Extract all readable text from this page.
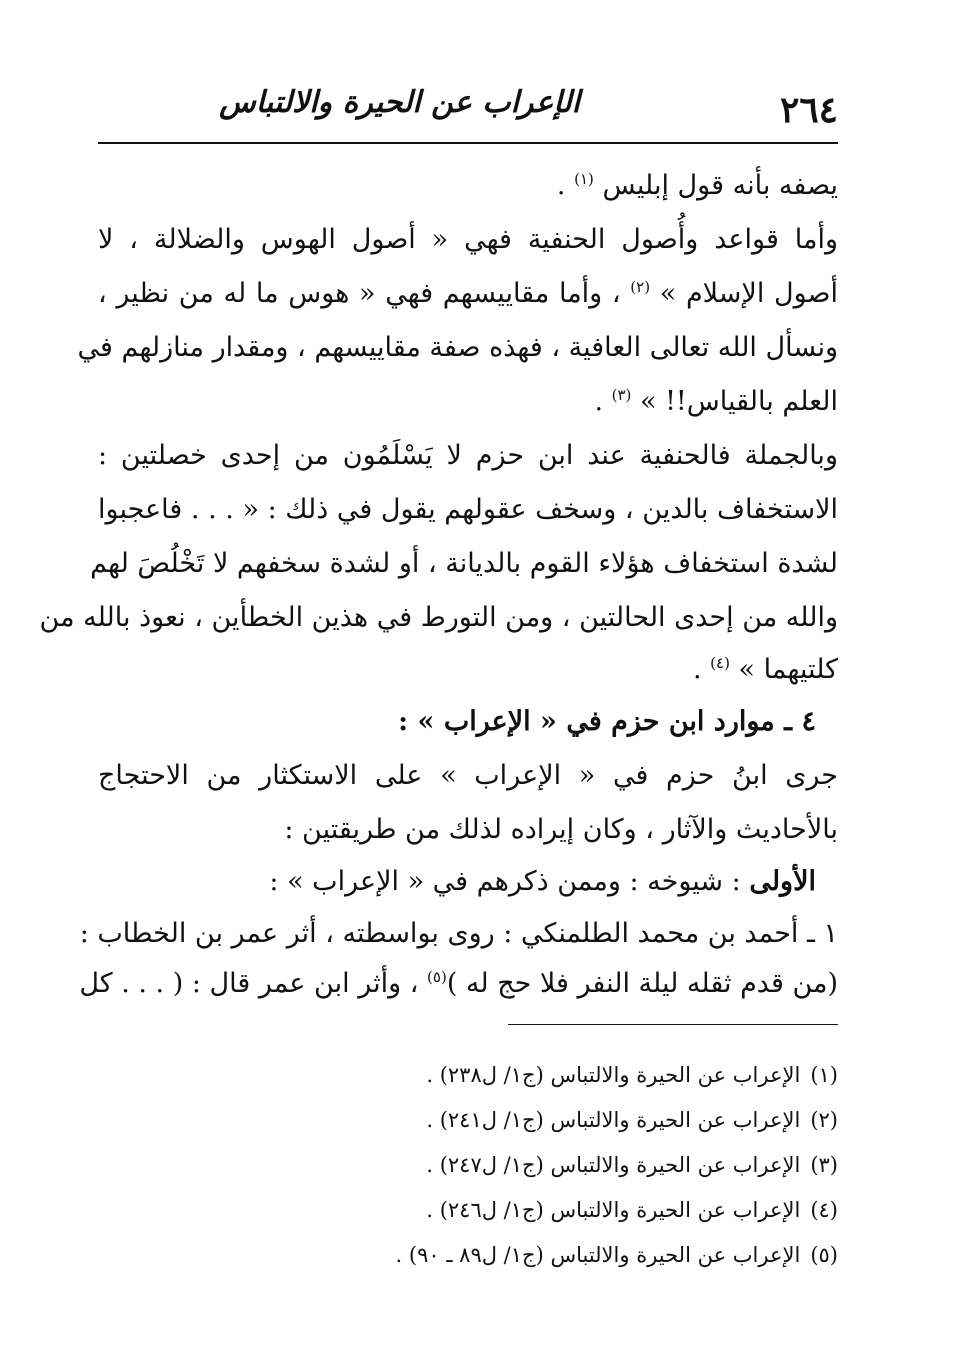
٢٦٤
الإعراب عن الحيرة والالتباس
يصفه بأنه قول إبليس $^{(١)}$ .
وأما قواعد وأُصول الحنفية فهي « أصول الهوس والضلالة ، لا
أصول الإسلام » $^{(٢)}$ ، وأما مقاييسهم فهي « هوس ما له من نظير ،
ونسأل الله تعالى العافية ، فهذه صفة مقاييسهم ، ومقدار منازلهم في
العلم بالقياس!! » $^{(٣)}$ .
وبالجملة فالحنفية عند ابن حزم لا يَسْلَمُون من إحدى خصلتين :
الاستخفاف بالدين ، وسخف عقولهم يقول في ذلك : « . . . فاعجبوا
لشدة استخفاف هؤلاء القوم بالديانة ، أو لشدة سخفهم لا تَخْلُصَ لهم
والله من إحدى الحالتين ، ومن التورط في هذين الخطأين ، نعوذ بالله من
كلتيهما » $^{(٤)}$ .
٤ ـ موارد ابن حزم في « الإعراب » :
جرى ابنُ حزم في « الإعراب » على الاستكثار من الاحتجاج
بالأحاديث والآثار ، وكان إيراده لذلك من طريقتين :
الأولى : شيوخه : وممن ذكرهم في « الإعراب » :
١ ـ أحمد بن محمد الطلمنكي : روى بواسطته ، أثر عمر بن الخطاب :
(من قدم ثقله ليلة النفر فلا حج له )$^{(٥)}$ ، وأثر ابن عمر قال : ( . . . كل
(١)الإعراب عن الحيرة والالتباس (ج١/ ل٢٣٨) .
(٢)الإعراب عن الحيرة والالتباس (ج١/ ل٢٤١) .
(٣)الإعراب عن الحيرة والالتباس (ج١/ ل٢٤٧) .
(٤)الإعراب عن الحيرة والالتباس (ج١/ ل٢٤٦) .
(٥)الإعراب عن الحيرة والالتباس (ج١/ ل٨٩ ـ ٩٠) .
